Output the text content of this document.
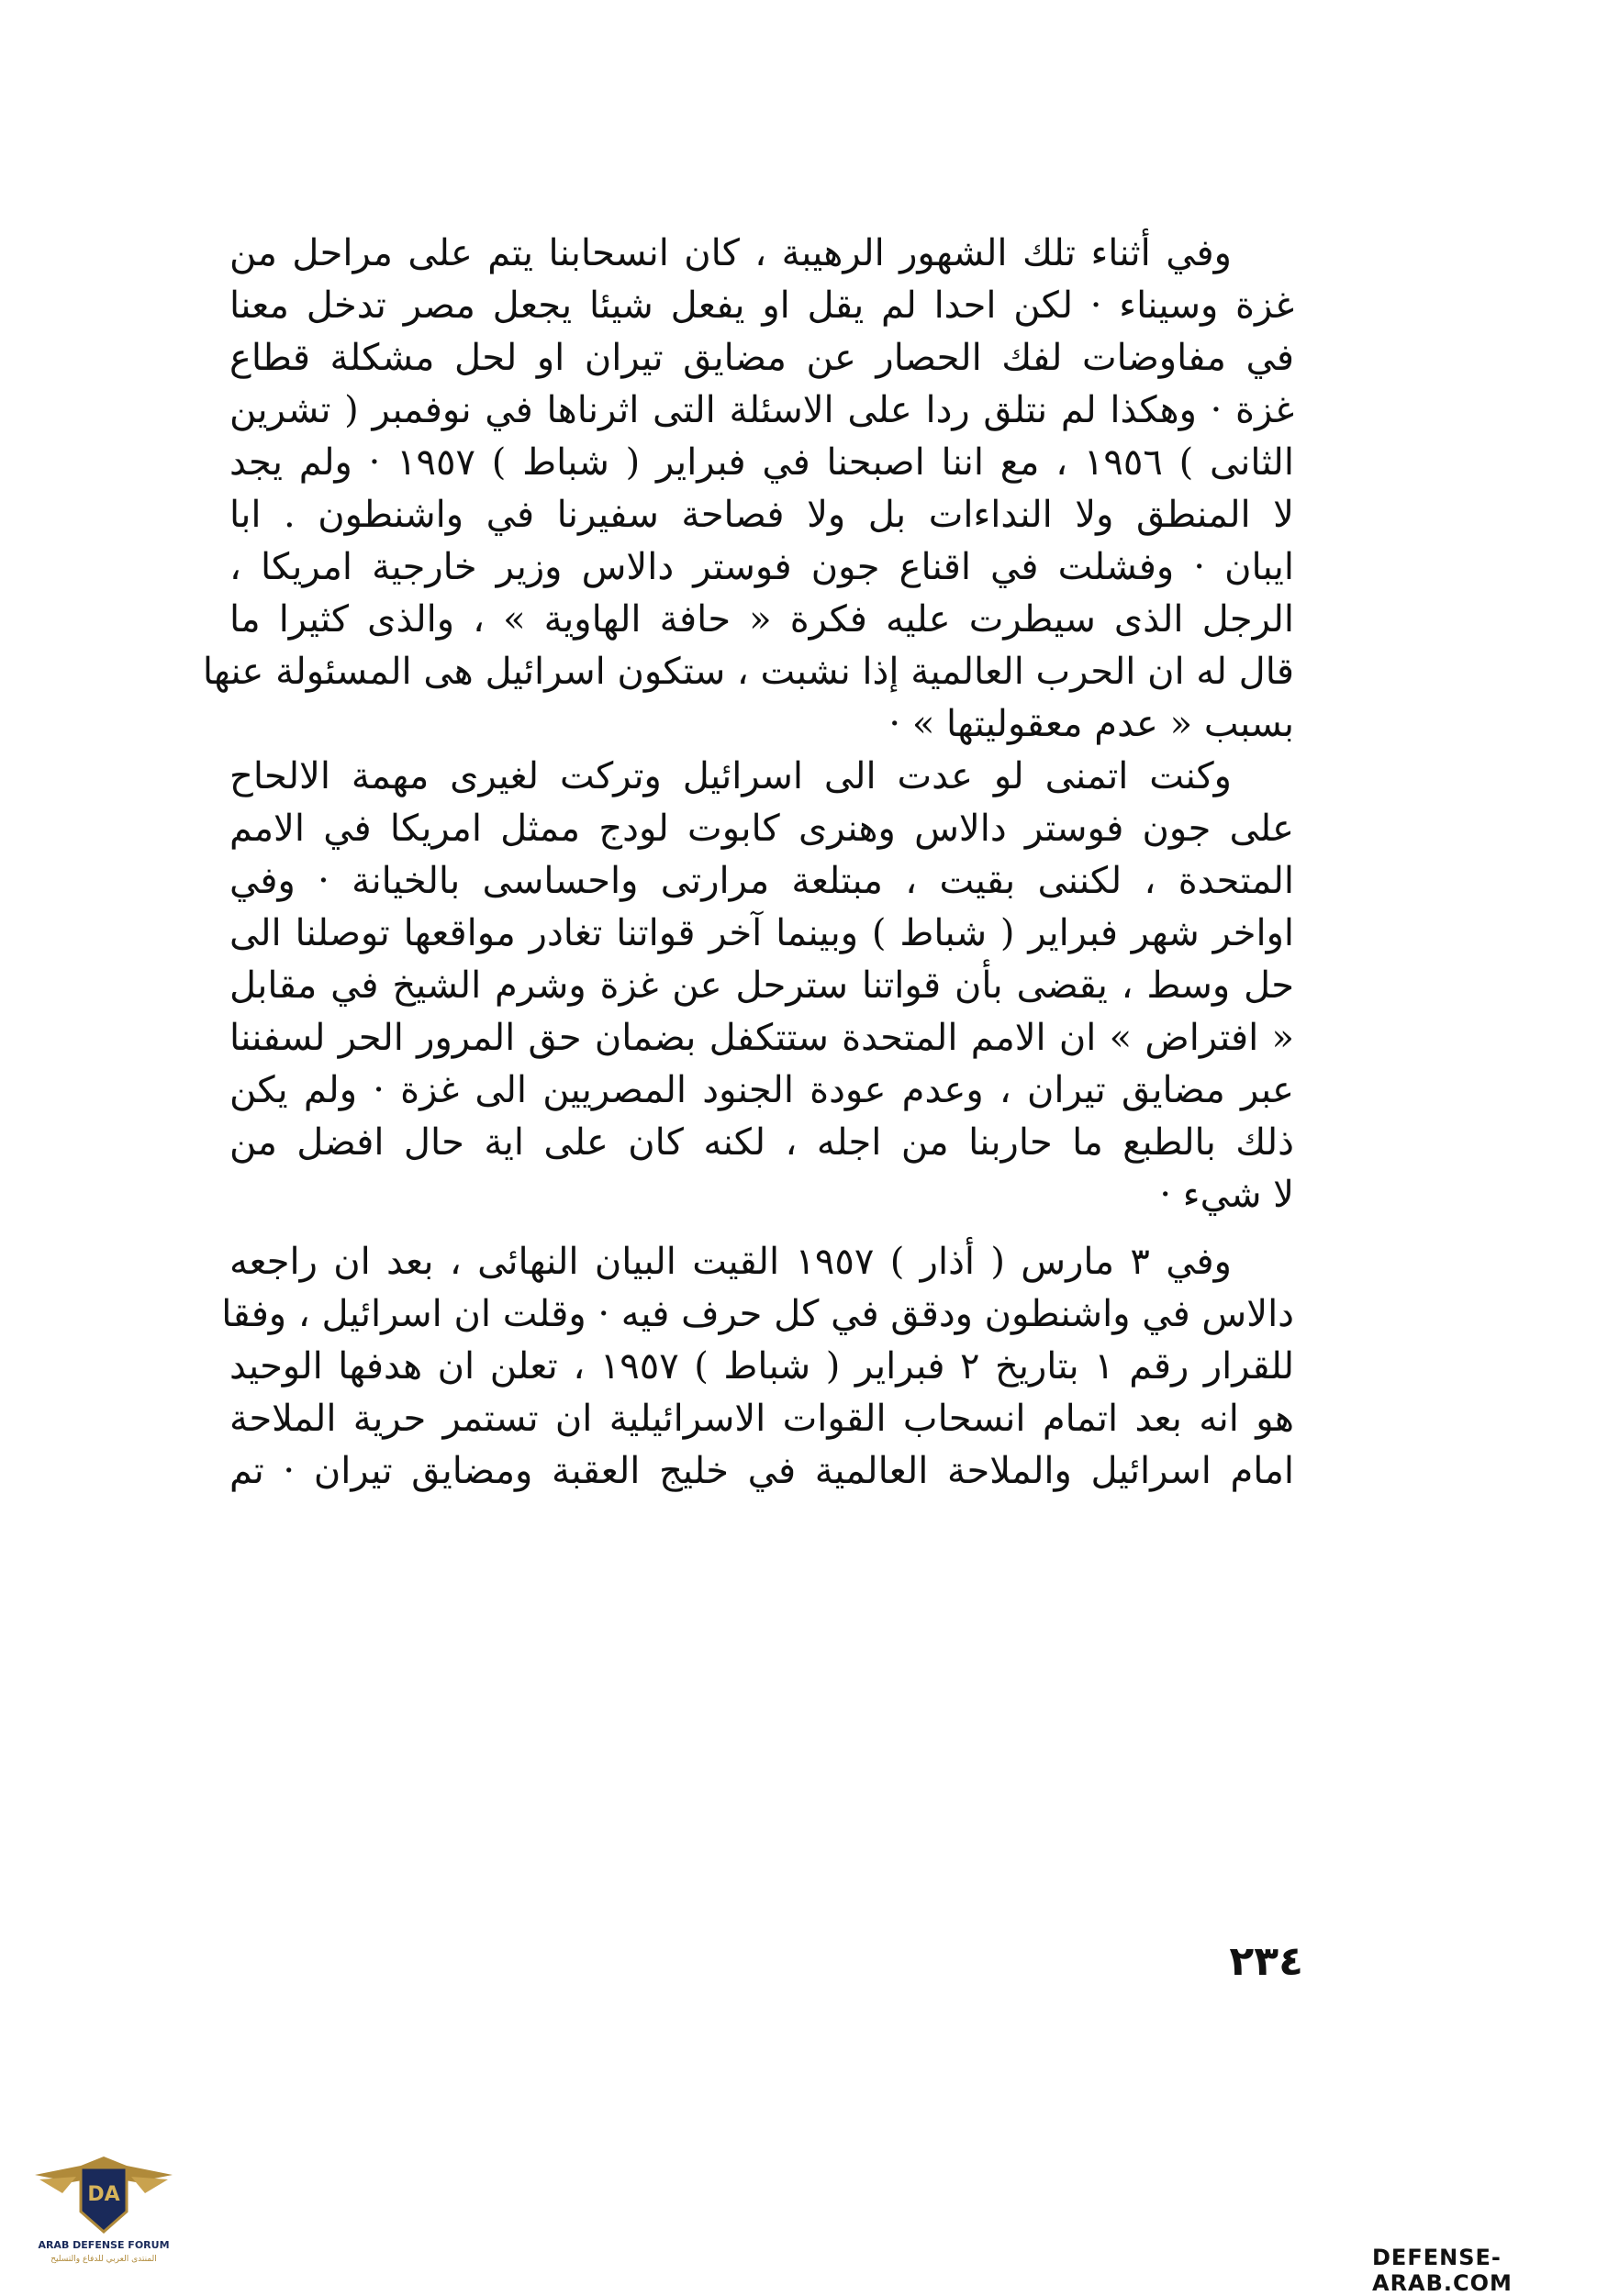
وفي أثناء تلك الشهور الرهيبة ، كان انسحابنا يتم على مراحل من
غزة وسيناء · لكن احدا لم يقل او يفعل شيئا يجعل مصر تدخل معنا
في مفاوضات لفك الحصار عن مضايق تيران او لحل مشكلة قطاع
غزة · وهكذا لم نتلق ردا على الاسئلة التى اثرناها في نوفمبر ( تشرين
الثانى ) ١٩٥٦ ، مع اننا اصبحنا في فبراير ( شباط ) ١٩٥٧ · ولم يجد
لا المنطق ولا النداءات بل ولا فصاحة سفيرنا في واشنطون . ابا
ايبان · وفشلت في اقناع جون فوستر دالاس وزير خارجية امريكا ،
الرجل الذى سيطرت عليه فكرة « حافة الهاوية » ، والذى كثيرا ما
قال له ان الحرب العالمية إذا نشبت ، ستكون اسرائيل هى المسئولة عنها
بسبب « عدم معقوليتها » ·
وكنت اتمنى لو عدت الى اسرائيل وتركت لغيرى مهمة الالحاح
على جون فوستر دالاس وهنرى كابوت لودج ممثل امريكا في الامم
المتحدة ، لكننى بقيت ، مبتلعة مرارتى واحساسى بالخيانة · وفي
اواخر شهر فبراير ( شباط ) وبينما آخر قواتنا تغادر مواقعها توصلنا الى
حل وسط ، يقضى بأن قواتنا سترحل عن غزة وشرم الشيخ في مقابل
« افتراض » ان الامم المتحدة ستتكفل بضمان حق المرور الحر لسفننا
عبر مضايق تيران ، وعدم عودة الجنود المصريين الى غزة · ولم يكن
ذلك بالطبع ما حاربنا من اجله ، لكنه كان على اية حال افضل من
لا شيء ·
وفي ٣ مارس ( أذار ) ١٩٥٧ القيت البيان النهائى ، بعد ان راجعه
دالاس في واشنطون ودقق في كل حرف فيه · وقلت ان اسرائيل ، وفقا
للقرار رقم ١ بتاريخ ٢ فبراير ( شباط ) ١٩٥٧ ، تعلن ان هدفها الوحيد
هو انه بعد اتمام انسحاب القوات الاسرائيلية ان تستمر حرية الملاحة
امام اسرائيل والملاحة العالمية في خليج العقبة ومضايق تيران · تم
٢٣٤
DA
ARAB DEFENSE FORUM
المنتدى العربي للدفاع والتسليح	DEFENSE-ARAB.COM
